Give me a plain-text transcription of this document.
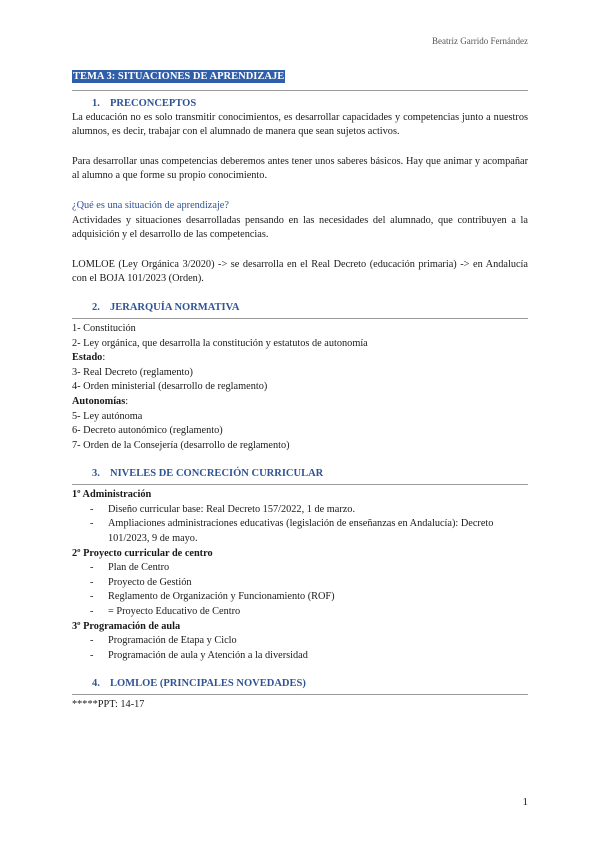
Beatriz Garrido Fernández
TEMA 3: SITUACIONES DE APRENDIZAJE
1. PRECONCEPTOS

La educación no es solo transmitir conocimientos, es desarrollar capacidades y competencias junto a nuestros alumnos, es decir, trabajar con el alumnado de manera que sean sujetos activos.

Para desarrollar unas competencias deberemos antes tener unos saberes básicos. Hay que animar y acompañar al alumno a que forme su propio conocimiento.

¿Qué es una situación de aprendizaje?

Actividades y situaciones desarrolladas pensando en las necesidades del alumnado, que contribuyen a la adquisición y el desarrollo de las competencias.

LOMLOE (Ley Orgánica 3/2020) -> se desarrolla en el Real Decreto (educación primaria) -> en Andalucía con el BOJA 101/2023 (Orden).

2. JERARQUÍA NORMATIVA
1- Constitución
2- Ley orgánica, que desarrolla la constitución y estatutos de autonomía
Estado:
3- Real Decreto (reglamento)
4- Orden ministerial (desarrollo de reglamento)
Autonomías:
5- Ley autónoma
6- Decreto autonómico (reglamento)
7- Orden de la Consejería (desarrollo de reglamento)
3. NIVELES DE CONCRECIÓN CURRICULAR
1º Administración
- Diseño curricular base: Real Decreto 157/2022, 1 de marzo.
- Ampliaciones administraciones educativas (legislación de enseñanzas en Andalucía): Decreto 101/2023, 9 de mayo.
2º Proyecto curricular de centro
- Plan de Centro
- Proyecto de Gestión
- Reglamento de Organización y Funcionamiento (ROF)
- = Proyecto Educativo de Centro
3º Programación de aula
- Programación de Etapa y Ciclo
- Programación de aula y Atención a la diversidad
4. LOMLOE (PRINCIPALES NOVEDADES)
*****PPT: 14-17
1
